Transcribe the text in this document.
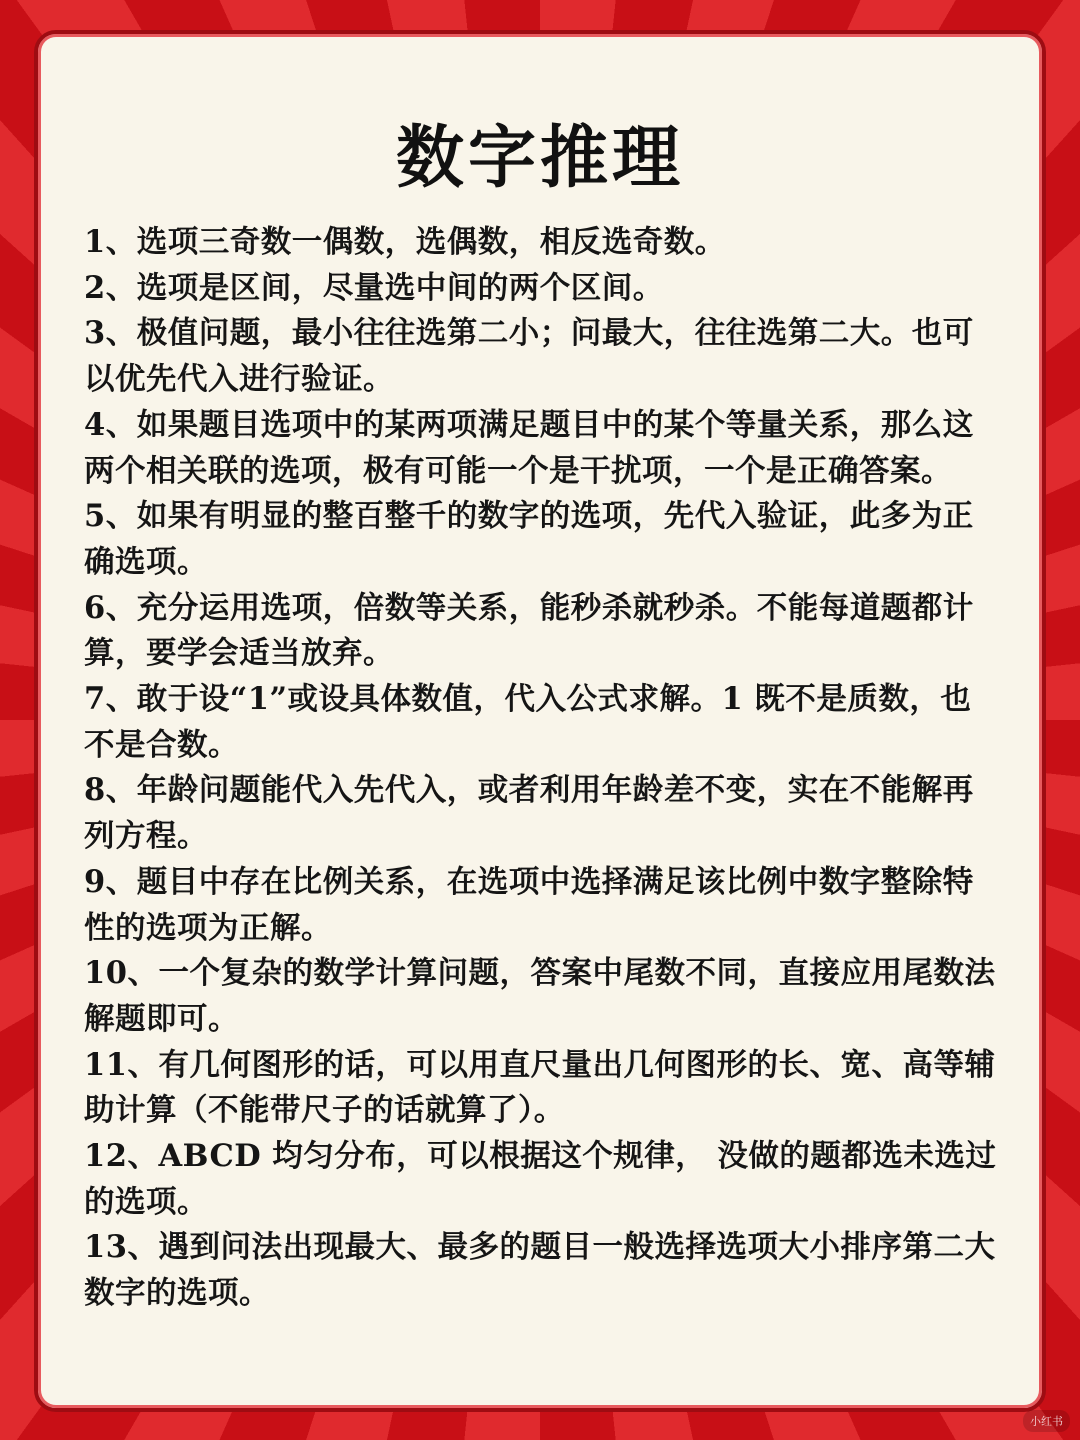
数字推理
1、选项三奇数一偶数，选偶数，相反选奇数。
2、选项是区间，尽量选中间的两个区间。
3、极值问题，最小往往选第二小；问最大，往往选第二大。也可以优先代入进行验证。
4、如果题目选项中的某两项满足题目中的某个等量关系，那么这两个相关联的选项，极有可能一个是干扰项，一个是正确答案。
5、如果有明显的整百整千的数字的选项，先代入验证，此多为正确选项。
6、充分运用选项，倍数等关系，能秒杀就秒杀。不能每道题都计算，要学会适当放弃。
7、敢于设“1”或设具体数值，代入公式求解。1 既不是质数，也不是合数。
8、年龄问题能代入先代入，或者利用年龄差不变，实在不能解再列方程。
9、题目中存在比例关系，在选项中选择满足该比例中数字整除特性的选项为正解。
10、一个复杂的数学计算问题，答案中尾数不同，直接应用尾数法解题即可。
11、有几何图形的话，可以用直尺量出几何图形的长、宽、高等辅助计算（不能带尺子的话就算了）。
12、ABCD 均匀分布，可以根据这个规律， 没做的题都选未选过的选项。
13、遇到问法出现最大、最多的题目一般选择选项大小排序第二大数字的选项。
小红书
